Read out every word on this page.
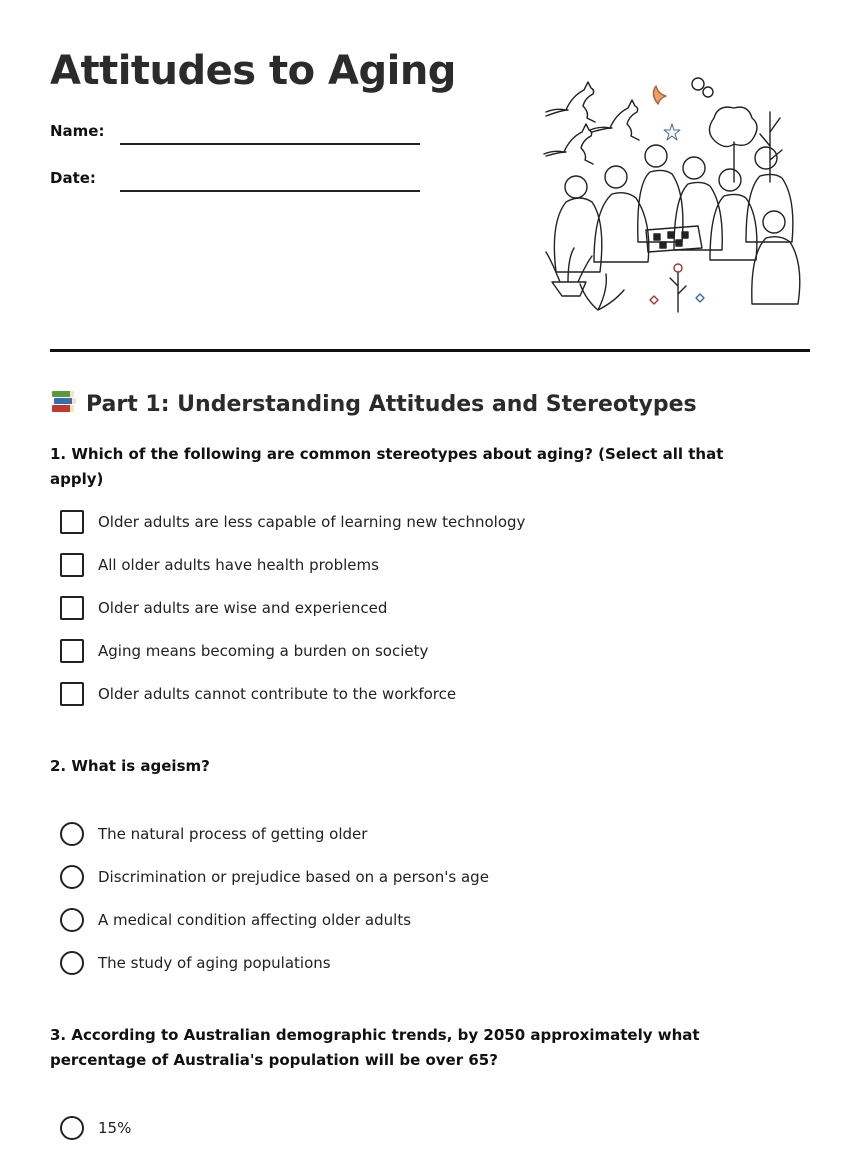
Attitudes to Aging
Name:
Date:
Part 1: Understanding Attitudes and Stereotypes

1. Which of the following are common stereotypes about aging? (Select all that apply)

Older adults are less capable of learning new technology
All older adults have health problems
Older adults are wise and experienced
Aging means becoming a burden on society
Older adults cannot contribute to the workforce

2. What is ageism?

The natural process of getting older
Discrimination or prejudice based on a person's age
A medical condition affecting older adults
The study of aging populations

3. According to Australian demographic trends, by 2050 approximately what percentage of Australia's population will be over 65?

15%
